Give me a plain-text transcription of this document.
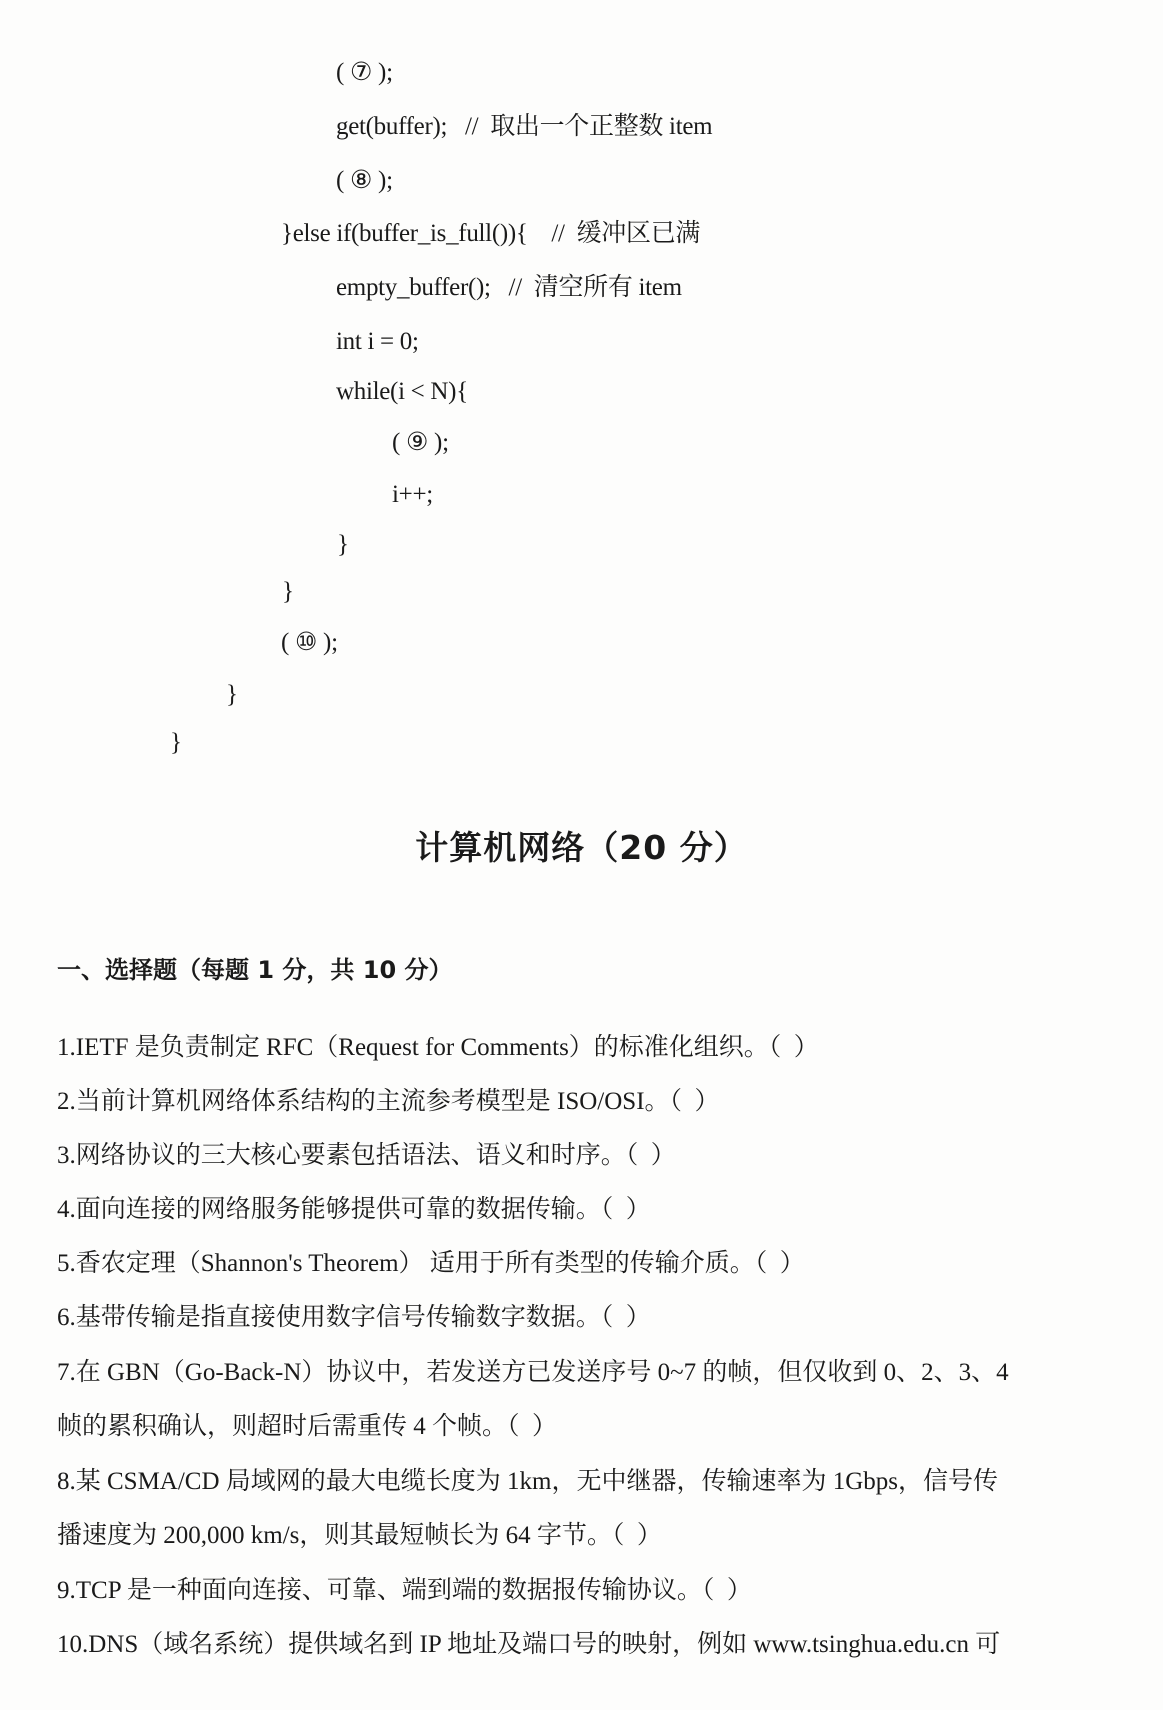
( ⑦ );
get(buffer);   //  取出一个正整数 item
( ⑧ );
}else if(buffer_is_full()){    //  缓冲区已满
empty_buffer();   //  清空所有 item
int i = 0;
while(i < N){
( ⑨ );
i++;
}
}
( ⑩ );
}
}
计算机网络（20 分）
一、选择题（每题 1 分，共 10 分）
1.IETF 是负责制定 RFC（Request for Comments）的标准化组织。（  ）
2.当前计算机网络体系结构的主流参考模型是 ISO/OSI。（  ）
3.网络协议的三大核心要素包括语法、语义和时序。（  ）
4.面向连接的网络服务能够提供可靠的数据传输。（  ）
5.香农定理（Shannon's Theorem） 适用于所有类型的传输介质。（  ）
6.基带传输是指直接使用数字信号传输数字数据。（  ）
7.在 GBN（Go-Back-N）协议中，若发送方已发送序号 0~7 的帧，但仅收到 0、2、3、4
帧的累积确认，则超时后需重传 4 个帧。（  ）
8.某 CSMA/CD 局域网的最大电缆长度为 1km，无中继器，传输速率为 1Gbps，信号传
播速度为 200,000 km/s，则其最短帧长为 64 字节。（  ）
9.TCP 是一种面向连接、可靠、端到端的数据报传输协议。（  ）
10.DNS（域名系统）提供域名到 IP 地址及端口号的映射，例如 www.tsinghua.edu.cn 可
